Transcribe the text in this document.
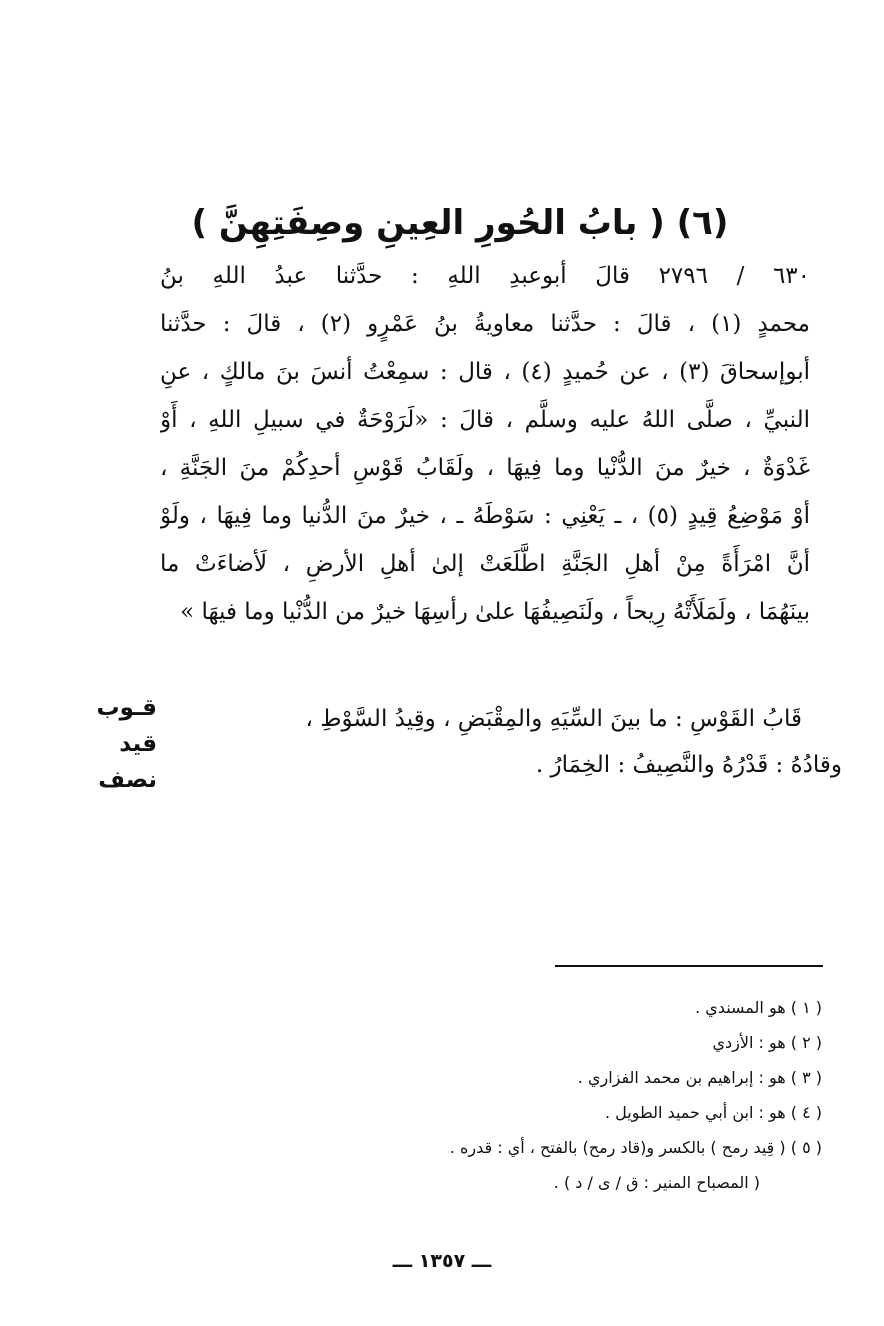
(٦) ( بابُ الحُورِ العِينِ وصِفَتِهِنَّ )
٦٣٠ / ٢٧٩٦ قالَ أبوعبدِ اللهِ : حدَّثنا عبدُ اللهِ بنُ
محمدٍ (١) ، قالَ : حدَّثنا معاويةُ بنُ عَمْرٍو (٢) ، قالَ : حدَّثنا
أبوإسحاقَ (٣) ، عن حُميدٍ (٤) ، قال : سمِعْتُ أنسَ بنَ مالكٍ ، عنِ
النبيِّ ، صلَّى اللهُ عليه وسلَّم ، قالَ : «لَرَوْحَةٌ في سبيلِ اللهِ ، أَوْ
غَدْوَةٌ ، خيرٌ منَ الدُّنْيا وما فِيهَا ، ولَقَابُ قَوْسِ أحدِكُمْ منَ الجَنَّةِ ،
أوْ مَوْضِعُ قِيدٍ (٥) ، ـ يَعْنِي : سَوْطَهُ ـ ، خيرٌ منَ الدُّنيا وما فِيهَا ، ولَوْ
أنَّ امْرَأَةً مِنْ أهلِ الجَنَّةِ اطَّلَعَتْ إلىٰ أهلِ الأرضِ ، لَأضاءَتْ ما
بينَهُمَا ، ولَمَلَأَتْهُ رِيحاً ، ولَنَصِيفُهَا علىٰ رأسِهَا خيرٌ من الدُّنْيا وما فيهَا »
قـوب
قيد
نصف
قَابُ القَوْسِ : ما بينَ السِّيَهِ والمِقْبَضِ ، وقِيدُ السَّوْطِ ،
وقادُهُ : قَدْرُهُ والنَّصِيفُ : الخِمَارُ .
( ١ ) هو المسندي .
( ٢ ) هو : الأزدي
( ٣ ) هو : إبراهيم بن محمد الفزاري .
( ٤ ) هو : ابن أبي حميد الطويل .
( ٥ ) ( قِيد رمح ) بالكسر و(قاد رمح) بالفتح ، أي : قدره .
( المصباح المنير : ق / ى / د ) .
ـــ ١٣٥٧ ـــ
